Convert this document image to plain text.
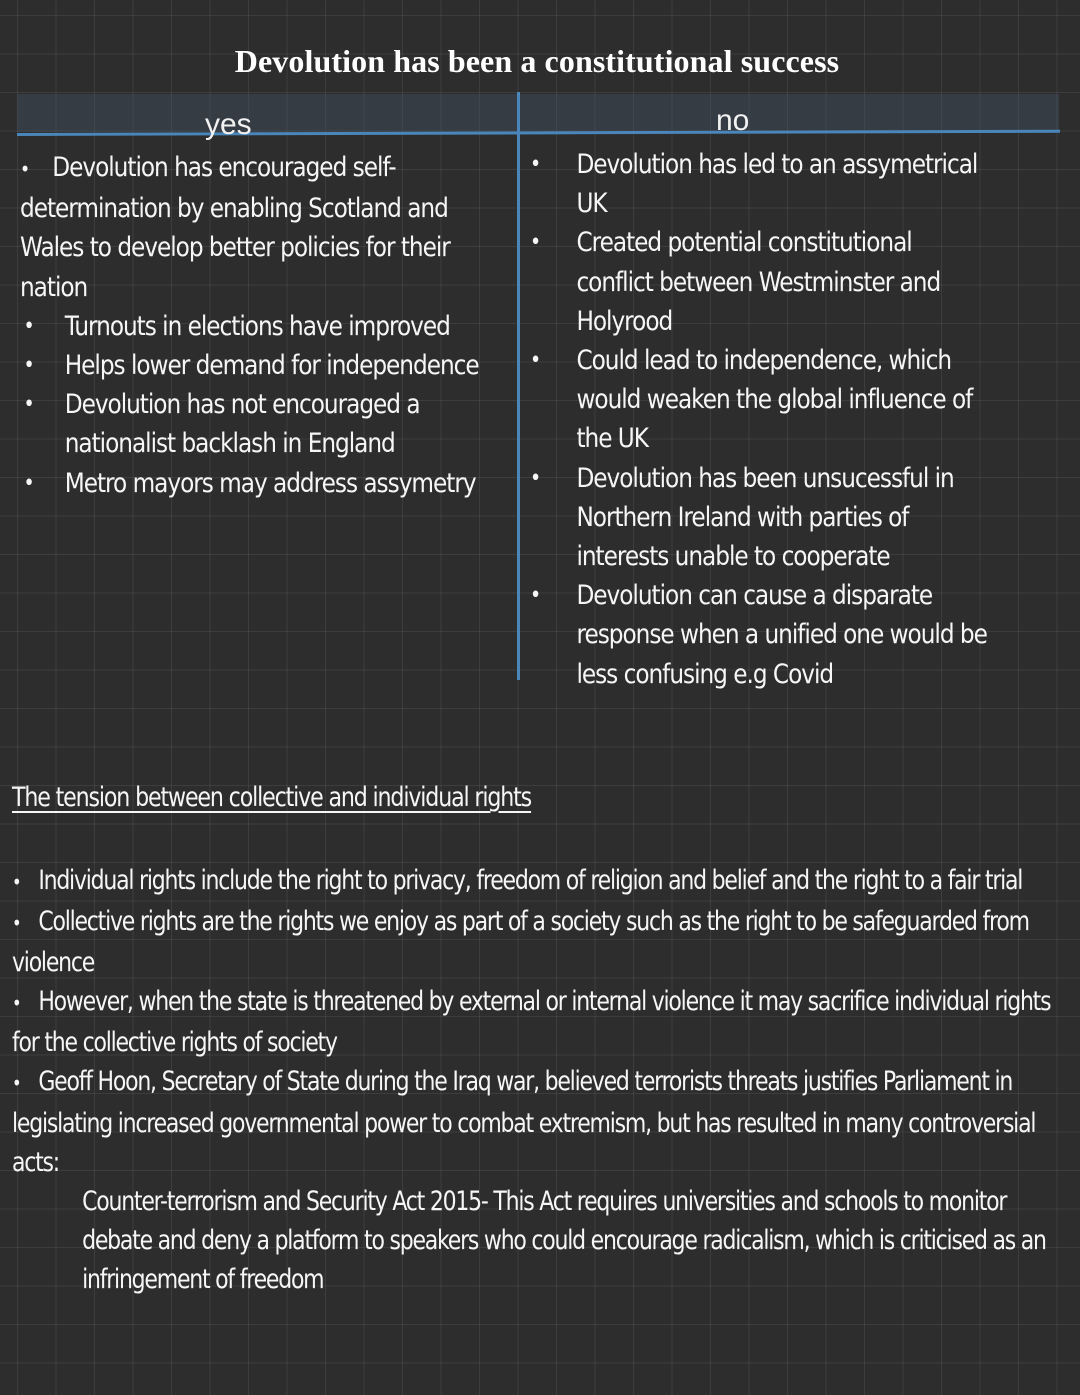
Devolution has been a constitutional success
yes	no
• Devolution has encouraged self-
determination by enabling Scotland and
Wales to develop better policies for their
nation
• Turnouts in elections have improved
• Helps lower demand for independence
• Devolution has not encouraged a
nationalist backlash in England
• Metro mayors may address assymetry
• Devolution has led to an assymetrical
UK
• Created potential constitutional
conflict between Westminster and
Holyrood
• Could lead to independence, which
would weaken the global influence of
the UK
• Devolution has been unsucessful in
Northern Ireland with parties of
interests unable to cooperate
• Devolution can cause a disparate
response when a unified one would be
less confusing e.g Covid
The tension between collective and individual rights
• Individual rights include the right to privacy, freedom of religion and belief and the right to a fair trial
• Collective rights are the rights we enjoy as part of a society such as the right to be safeguarded from violence
• However, when the state is threatened by external or internal violence it may sacrifice individual rights for the collective rights of society
• Geoff Hoon, Secretary of State during the Iraq war, believed terrorists threats justifies Parliament in legislating increased governmental power to combat extremism, but has resulted in many controversial acts:
Counter-terrorism and Security Act 2015- This Act requires universities and schools to monitor debate and deny a platform to speakers who could encourage radicalism, which is criticised as an infringement of freedom
